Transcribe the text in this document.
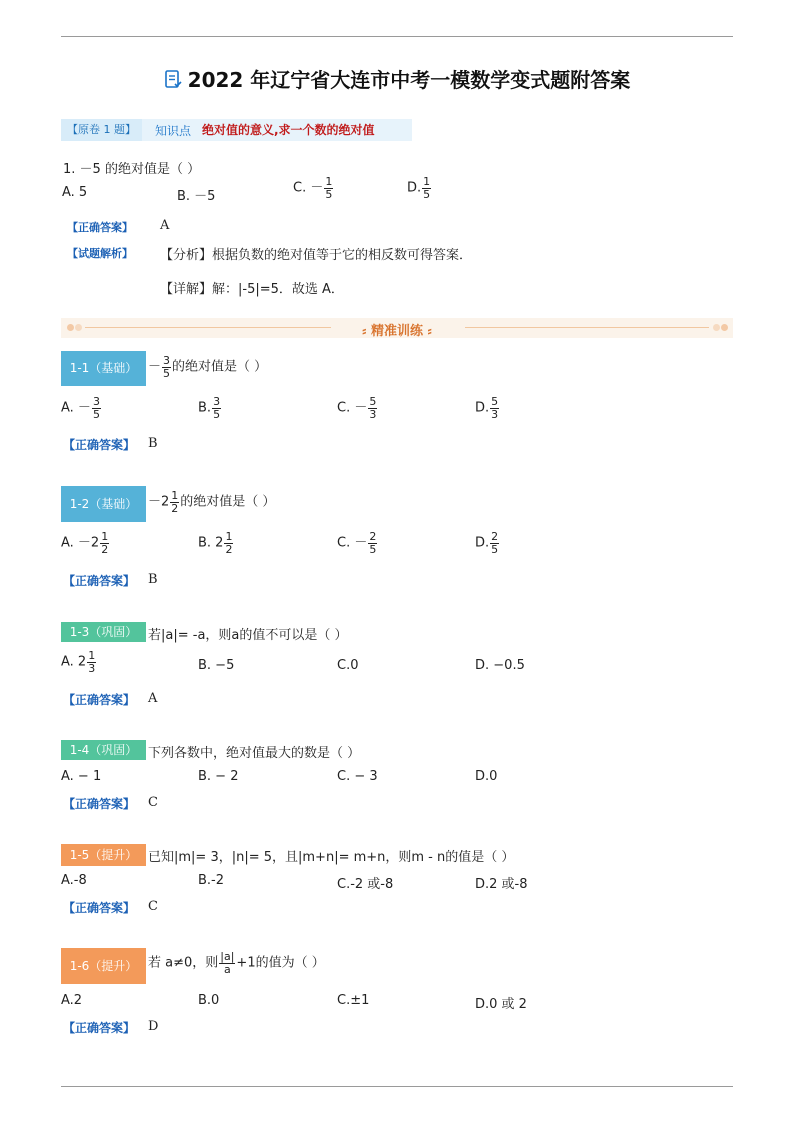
2022 年辽宁省大连市中考一模数学变式题附答案
【原卷 1 题】	知识点 绝对值的意义,求一个数的绝对值
1. －5 的绝对值是（ ）
A. 5	B. －5
C. － $\frac{1}{5}$	D. $\frac{1}{5}$
【正确答案】 A
【试题解析】 【分析】根据负数的绝对值等于它的相反数可得答案．
【详解】解：|-5|=5．故选 A．
⸗ 精准训练 ⸗
1-1（基础） － $\frac{3}{5}$ 的绝对值是（ ）
A. － $\frac{3}{5}$	B. $\frac{3}{5}$	C. － $\frac{5}{3}$	D. $\frac{5}{3}$
【正确答案】 B
1-2（基础） $-2 \frac{1}{2}$ 的绝对值是（ ）
A. $-2 \frac{1}{2}$	B. $2 \frac{1}{2}$	C. － $\frac{2}{5}$	D. $\frac{2}{5}$
【正确答案】 B
1-3（巩固） 若|a|= -a，则a的值不可以是（ ）
A. $2 \frac{1}{3}$	B. −5	C.0	D. −0.5
【正确答案】 A
1-4（巩固） 下列各数中，绝对值最大的数是（ ）
A. − 1	B. − 2	C. − 3	D.0
【正确答案】 C
1-5（提升） 已知|m|= 3，|n|= 5，且|m+n|= m+n，则m - n的值是（ ）
A.-8	B.-2	C.-2 或-8	D.2 或-8
【正确答案】 C
1-6（提升） 若 a≠0，则 $\frac{|a|}{a} +1$的值为（ ）
A.2	B.0	C.±1	D.0 或 2
【正确答案】 D
